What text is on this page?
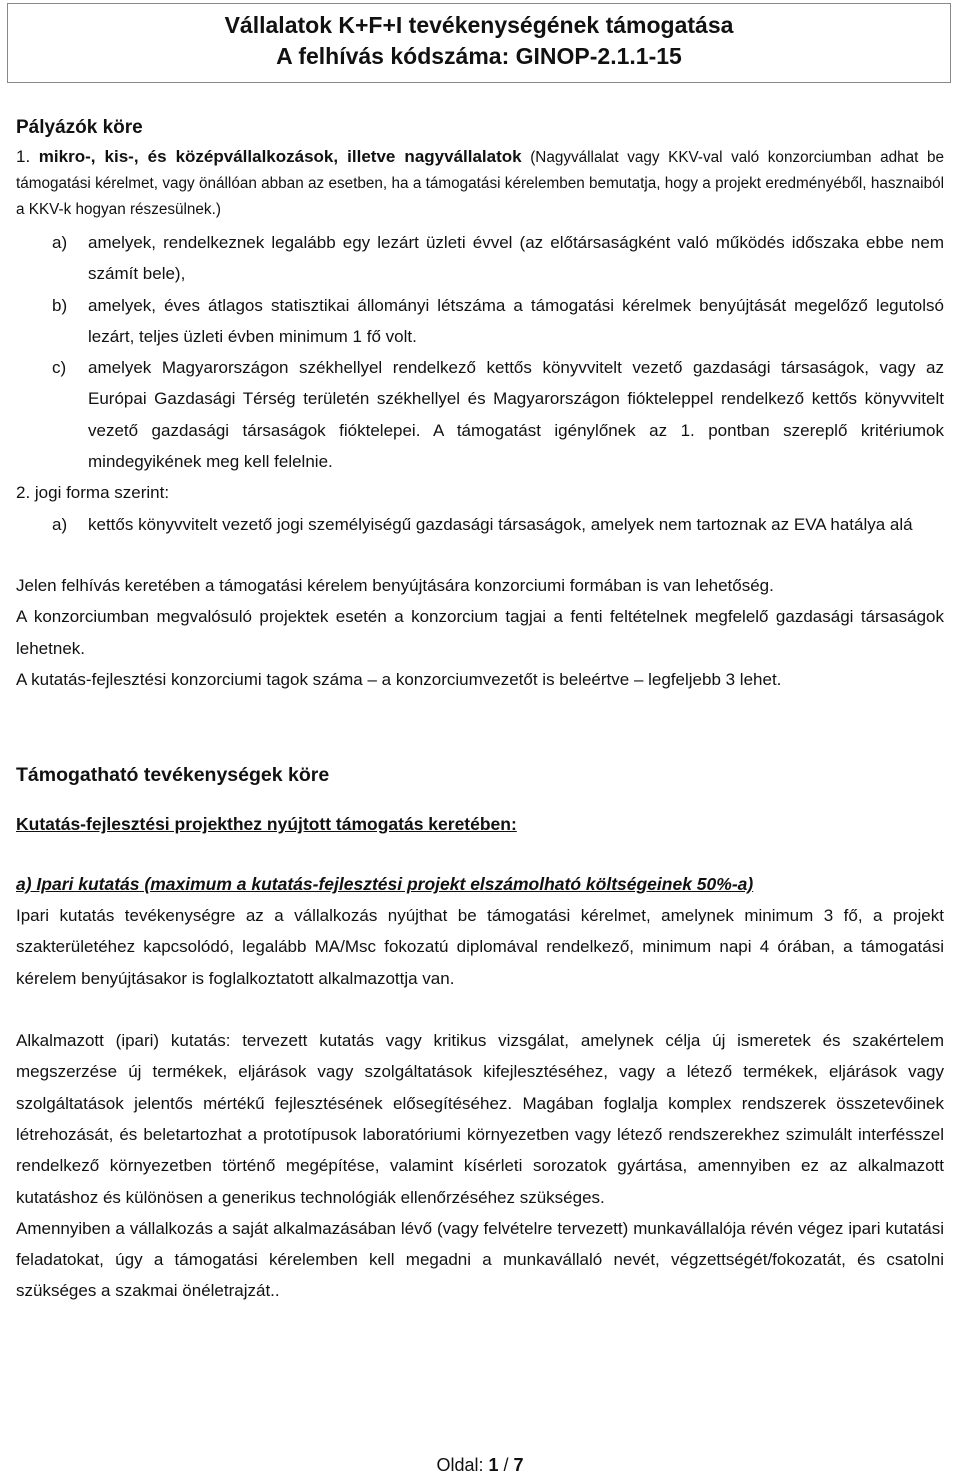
Vállalatok K+F+I tevékenységének támogatása
A felhívás kódszáma: GINOP-2.1.1-15

Pályázók köre

1. mikro-, kis-, és középvállalkozások, illetve nagyvállalatok (Nagyvállalat vagy KKV-val való konzorciumban adhat be támogatási kérelmet, vagy önállóan abban az esetben, ha a támogatási kérelemben bemutatja, hogy a projekt eredményéből, hasznaiból a KKV-k hogyan részesülnek.)
a)	amelyek, rendelkeznek legalább egy lezárt üzleti évvel (az előtársaságként való működés időszaka ebbe nem számít bele),
b)	amelyek, éves átlagos statisztikai állományi létszáma a támogatási kérelmek benyújtását megelőző legutolsó lezárt, teljes üzleti évben minimum 1 fő volt.
c)	amelyek Magyarországon székhellyel rendelkező kettős könyvvitelt vezető gazdasági társaságok, vagy az Európai Gazdasági Térség területén székhellyel és Magyarországon fiókteleppel rendelkező kettős könyvvitelt vezető gazdasági társaságok fióktelepei. A támogatást igénylőnek az 1. pontban szereplő kritériumok mindegyikének meg kell felelnie.

2. jogi forma szerint:

a)	kettős könyvvitelt vezető jogi személyiségű gazdasági társaságok, amelyek nem tartoznak az EVA hatálya alá

Jelen felhívás keretében a támogatási kérelem benyújtására konzorciumi formában is van lehetőség.

A konzorciumban megvalósuló projektek esetén a konzorcium tagjai a fenti feltételnek megfelelő gazdasági társaságok lehetnek.

A kutatás-fejlesztési konzorciumi tagok száma – a konzorciumvezetőt is beleértve – legfeljebb 3 lehet.

Támogatható tevékenységek köre

Kutatás-fejlesztési projekthez nyújtott támogatás keretében:

a) Ipari kutatás (maximum a kutatás-fejlesztési projekt elszámolható költségeinek 50%-a)

Ipari kutatás tevékenységre az a vállalkozás nyújthat be támogatási kérelmet, amelynek minimum 3 fő, a projekt szakterületéhez kapcsolódó, legalább MA/Msc fokozatú diplomával rendelkező, minimum napi 4 órában, a támogatási kérelem benyújtásakor is foglalkoztatott alkalmazottja van.

Alkalmazott (ipari) kutatás: tervezett kutatás vagy kritikus vizsgálat, amelynek célja új ismeretek és szakértelem megszerzése új termékek, eljárások vagy szolgáltatások kifejlesztéséhez, vagy a létező termékek, eljárások vagy szolgáltatások jelentős mértékű fejlesztésének elősegítéséhez. Magában foglalja komplex rendszerek összetevőinek létrehozását, és beletartozhat a prototípusok laboratóriumi környezetben vagy létező rendszerekhez szimulált interfésszel rendelkező környezetben történő megépítése, valamint kísérleti sorozatok gyártása, amennyiben ez az alkalmazott kutatáshoz és különösen a generikus technológiák ellenőrzéséhez szükséges.

Amennyiben a vállalkozás a saját alkalmazásában lévő (vagy felvételre tervezett) munkavállalója révén végez ipari kutatási feladatokat, úgy a támogatási kérelemben kell megadni a munkavállaló nevét, végzettségét/fokozatát, és csatolni szükséges a szakmai önéletrajzát..

Oldal: 1 / 7
